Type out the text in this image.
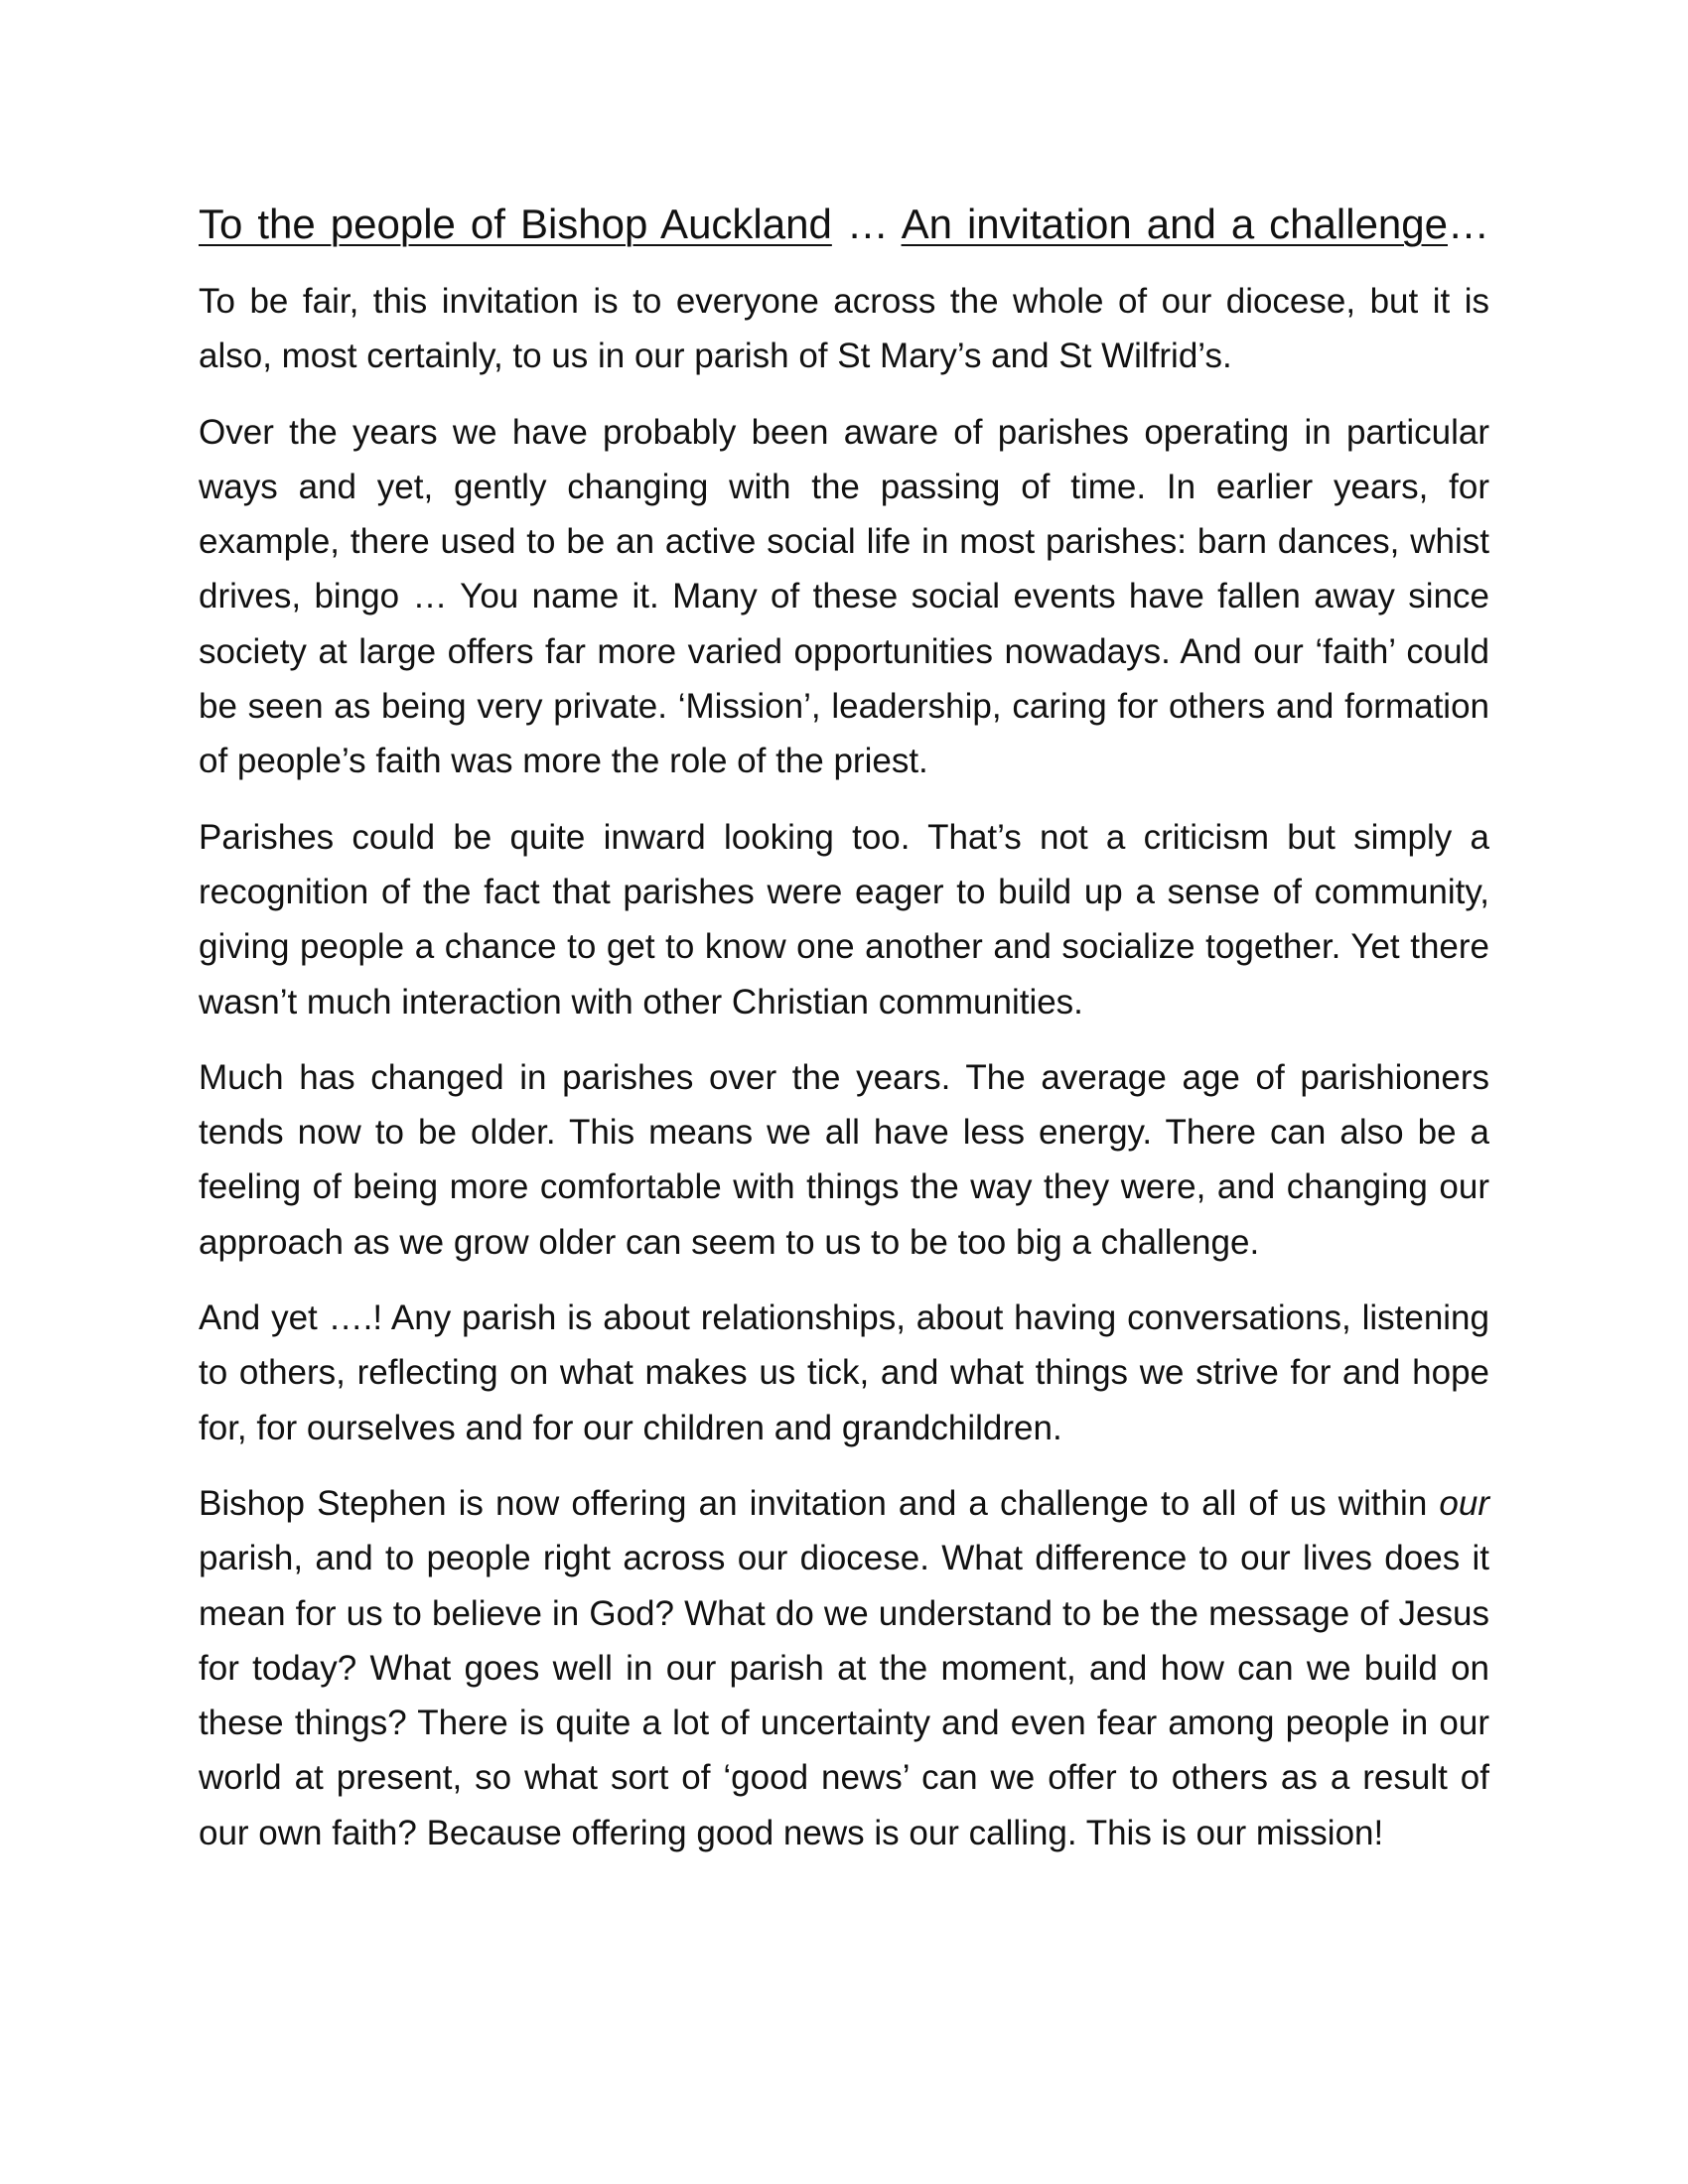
To the people of Bishop Auckland … An invitation and a challenge…

To be fair, this invitation is to everyone across the whole of our diocese, but it is also, most certainly, to us in our parish of St Mary’s and St Wilfrid’s.

Over the years we have probably been aware of parishes operating in particular ways and yet, gently changing with the passing of time. In earlier years, for example, there used to be an active social life in most parishes: barn dances, whist drives, bingo … You name it. Many of these social events have fallen away since society at large offers far more varied opportunities nowadays. And our ‘faith’ could be seen as being very private. ‘Mission’, leadership, caring for others and formation of people’s faith was more the role of the priest.

Parishes could be quite inward looking too. That’s not a criticism but simply a recognition of the fact that parishes were eager to build up a sense of community, giving people a chance to get to know one another and socialize together. Yet there wasn’t much interaction with other Christian communities.

Much has changed in parishes over the years. The average age of parishioners tends now to be older. This means we all have less energy. There can also be a feeling of being more comfortable with things the way they were, and changing our approach as we grow older can seem to us to be too big a challenge.

And yet ….! Any parish is about relationships, about having conversations, listening to others, reflecting on what makes us tick, and what things we strive for and hope for, for ourselves and for our children and grandchildren.

Bishop Stephen is now offering an invitation and a challenge to all of us within our parish, and to people right across our diocese. What difference to our lives does it mean for us to believe in God? What do we understand to be the message of Jesus for today? What goes well in our parish at the moment, and how can we build on these things? There is quite a lot of uncertainty and even fear among people in our world at present, so what sort of ‘good news’ can we offer to others as a result of our own faith? Because offering good news is our calling. This is our mission!
